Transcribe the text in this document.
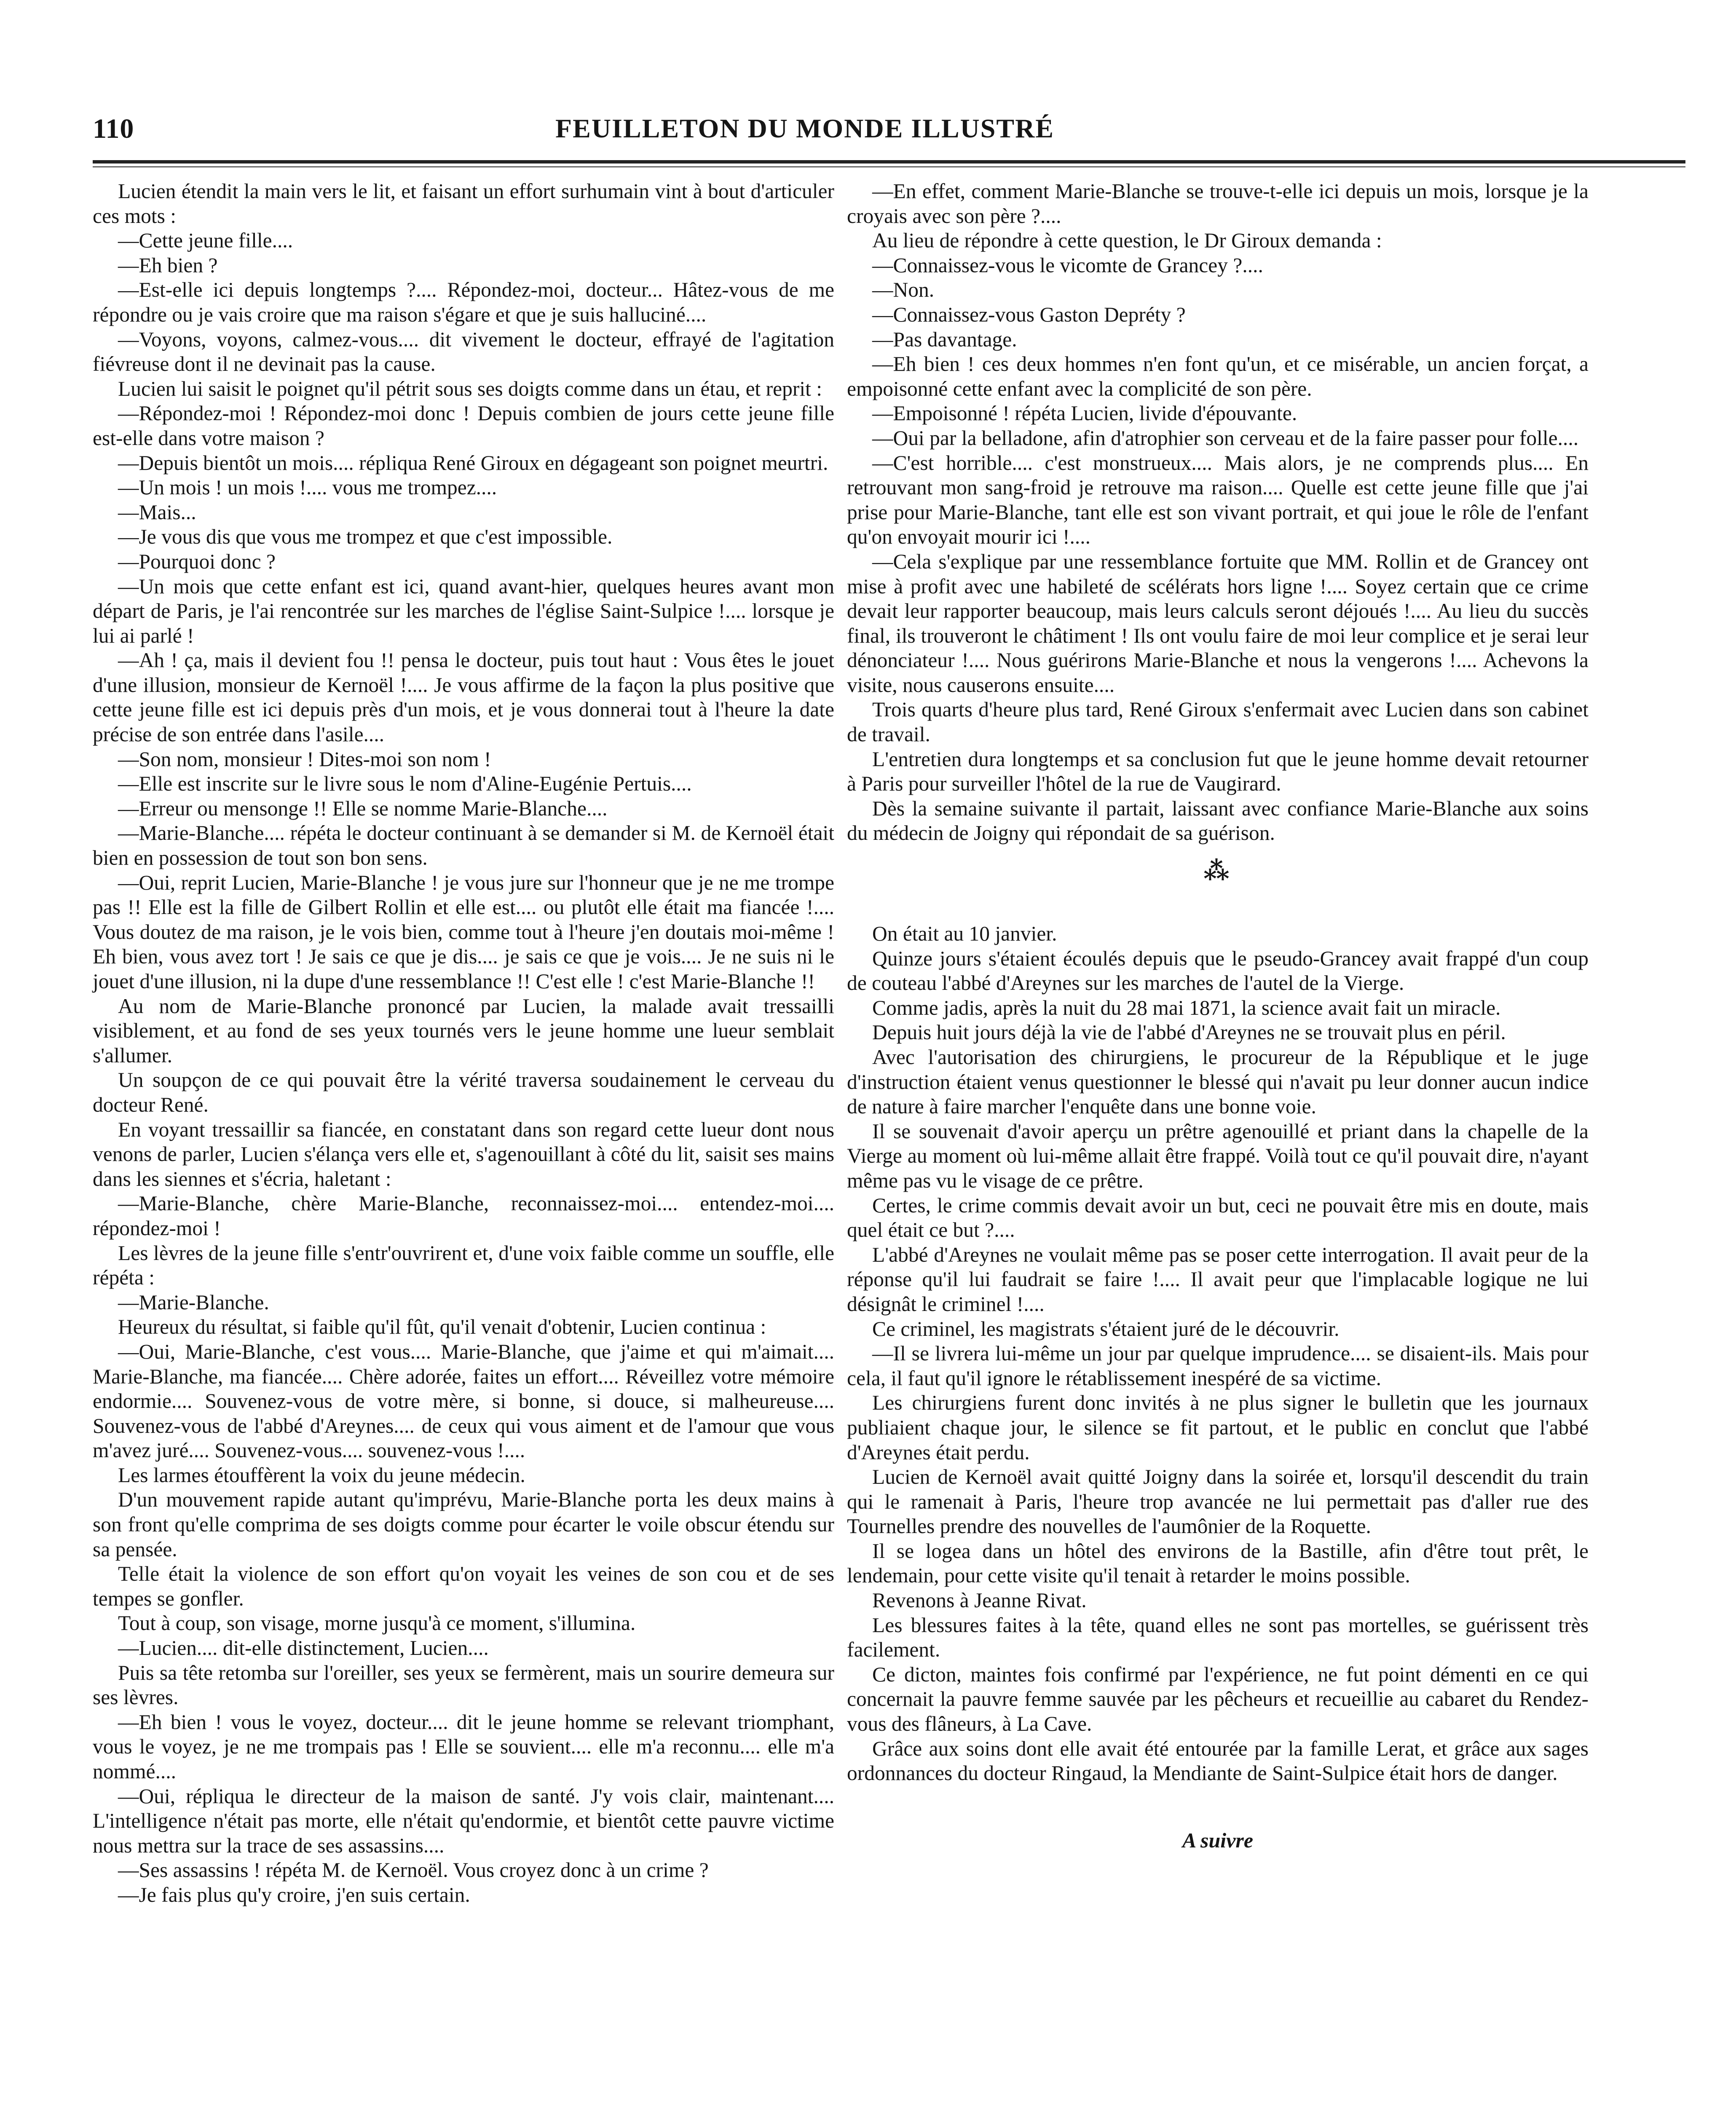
110	FEUILLETON DU MONDE ILLUSTRÉ

Lucien étendit la main vers le lit, et faisant un effort surhumain vint à bout d'articuler ces mots :

—Cette jeune fille....

—Eh bien ?

—Est-elle ici depuis longtemps ?.... Répondez-moi, docteur... Hâtez-vous de me répondre ou je vais croire que ma raison s'égare et que je suis halluciné....

—Voyons, voyons, calmez-vous.... dit vivement le docteur, effrayé de l'agitation fiévreuse dont il ne devinait pas la cause.

Lucien lui saisit le poignet qu'il pétrit sous ses doigts comme dans un étau, et reprit :

—Répondez-moi ! Répondez-moi donc ! Depuis combien de jours cette jeune fille est-elle dans votre maison ?

—Depuis bientôt un mois.... répliqua René Giroux en dégageant son poignet meurtri.

—Un mois ! un mois !.... vous me trompez....

—Mais...

—Je vous dis que vous me trompez et que c'est impossible.

—Pourquoi donc ?

—Un mois que cette enfant est ici, quand avant-hier, quelques heures avant mon départ de Paris, je l'ai rencontrée sur les marches de l'église Saint-Sulpice !.... lorsque je lui ai parlé !

—Ah ! ça, mais il devient fou !! pensa le docteur, puis tout haut : Vous êtes le jouet d'une illusion, monsieur de Kernoël !.... Je vous affirme de la façon la plus positive que cette jeune fille est ici depuis près d'un mois, et je vous donnerai tout à l'heure la date précise de son entrée dans l'asile....

—Son nom, monsieur ! Dites-moi son nom !

—Elle est inscrite sur le livre sous le nom d'Aline-Eugénie Pertuis....

—Erreur ou mensonge !! Elle se nomme Marie-Blanche....

—Marie-Blanche.... répéta le docteur continuant à se demander si M. de Kernoël était bien en possession de tout son bon sens.

—Oui, reprit Lucien, Marie-Blanche ! je vous jure sur l'honneur que je ne me trompe pas !! Elle est la fille de Gilbert Rollin et elle est.... ou plutôt elle était ma fiancée !.... Vous doutez de ma raison, je le vois bien, comme tout à l'heure j'en doutais moi-même ! Eh bien, vous avez tort ! Je sais ce que je dis.... je sais ce que je vois.... Je ne suis ni le jouet d'une illusion, ni la dupe d'une ressemblance !! C'est elle ! c'est Marie-Blanche !!

Au nom de Marie-Blanche prononcé par Lucien, la malade avait tressailli visiblement, et au fond de ses yeux tournés vers le jeune homme une lueur semblait s'allumer.

Un soupçon de ce qui pouvait être la vérité traversa soudainement le cerveau du docteur René.

En voyant tressaillir sa fiancée, en constatant dans son regard cette lueur dont nous venons de parler, Lucien s'élança vers elle et, s'agenouillant à côté du lit, saisit ses mains dans les siennes et s'écria, haletant :

—Marie-Blanche, chère Marie-Blanche, reconnaissez-moi.... entendez-moi.... répondez-moi !

Les lèvres de la jeune fille s'entr'ouvrirent et, d'une voix faible comme un souffle, elle répéta :

—Marie-Blanche.

Heureux du résultat, si faible qu'il fût, qu'il venait d'obtenir, Lucien continua :

—Oui, Marie-Blanche, c'est vous.... Marie-Blanche, que j'aime et qui m'aimait.... Marie-Blanche, ma fiancée.... Chère adorée, faites un effort.... Réveillez votre mémoire endormie.... Souvenez-vous de votre mère, si bonne, si douce, si malheureuse.... Souvenez-vous de l'abbé d'Areynes.... de ceux qui vous aiment et de l'amour que vous m'avez juré.... Souvenez-vous.... souvenez-vous !....

Les larmes étouffèrent la voix du jeune médecin.

D'un mouvement rapide autant qu'imprévu, Marie-Blanche porta les deux mains à son front qu'elle comprima de ses doigts comme pour écarter le voile obscur étendu sur sa pensée.

Telle était la violence de son effort qu'on voyait les veines de son cou et de ses tempes se gonfler.

Tout à coup, son visage, morne jusqu'à ce moment, s'illumina.

—Lucien.... dit-elle distinctement, Lucien....

Puis sa tête retomba sur l'oreiller, ses yeux se fermèrent, mais un sourire demeura sur ses lèvres.

—Eh bien ! vous le voyez, docteur.... dit le jeune homme se relevant triomphant, vous le voyez, je ne me trompais pas ! Elle se souvient.... elle m'a reconnu.... elle m'a nommé....

—Oui, répliqua le directeur de la maison de santé. J'y vois clair, maintenant.... L'intelligence n'était pas morte, elle n'était qu'endormie, et bientôt cette pauvre victime nous mettra sur la trace de ses assassins....

—Ses assassins ! répéta M. de Kernoël. Vous croyez donc à un crime ?

—Je fais plus qu'y croire, j'en suis certain.

—En effet, comment Marie-Blanche se trouve-t-elle ici depuis un mois, lorsque je la croyais avec son père ?....

Au lieu de répondre à cette question, le Dr Giroux demanda :

—Connaissez-vous le vicomte de Grancey ?....

—Non.

—Connaissez-vous Gaston Depréty ?

—Pas davantage.

—Eh bien ! ces deux hommes n'en font qu'un, et ce misérable, un ancien forçat, a empoisonné cette enfant avec la complicité de son père.

—Empoisonné ! répéta Lucien, livide d'épouvante.

—Oui par la belladone, afin d'atrophier son cerveau et de la faire passer pour folle....

—C'est horrible.... c'est monstrueux.... Mais alors, je ne comprends plus.... En retrouvant mon sang-froid je retrouve ma raison.... Quelle est cette jeune fille que j'ai prise pour Marie-Blanche, tant elle est son vivant portrait, et qui joue le rôle de l'enfant qu'on envoyait mourir ici !....

—Cela s'explique par une ressemblance fortuite que MM. Rollin et de Grancey ont mise à profit avec une habileté de scélérats hors ligne !.... Soyez certain que ce crime devait leur rapporter beaucoup, mais leurs calculs seront déjoués !.... Au lieu du succès final, ils trouveront le châtiment ! Ils ont voulu faire de moi leur complice et je serai leur dénonciateur !.... Nous guérirons Marie-Blanche et nous la vengerons !.... Achevons la visite, nous causerons ensuite....

Trois quarts d'heure plus tard, René Giroux s'enfermait avec Lucien dans son cabinet de travail.

L'entretien dura longtemps et sa conclusion fut que le jeune homme devait retourner à Paris pour surveiller l'hôtel de la rue de Vaugirard.

Dès la semaine suivante il partait, laissant avec confiance Marie-Blanche aux soins du médecin de Joigny qui répondait de sa guérison.

⁂

On était au 10 janvier.

Quinze jours s'étaient écoulés depuis que le pseudo-Grancey avait frappé d'un coup de couteau l'abbé d'Areynes sur les marches de l'autel de la Vierge.

Comme jadis, après la nuit du 28 mai 1871, la science avait fait un miracle.

Depuis huit jours déjà la vie de l'abbé d'Areynes ne se trouvait plus en péril.

Avec l'autorisation des chirurgiens, le procureur de la République et le juge d'instruction étaient venus questionner le blessé qui n'avait pu leur donner aucun indice de nature à faire marcher l'enquête dans une bonne voie.

Il se souvenait d'avoir aperçu un prêtre agenouillé et priant dans la chapelle de la Vierge au moment où lui-même allait être frappé. Voilà tout ce qu'il pouvait dire, n'ayant même pas vu le visage de ce prêtre.

Certes, le crime commis devait avoir un but, ceci ne pouvait être mis en doute, mais quel était ce but ?....

L'abbé d'Areynes ne voulait même pas se poser cette interrogation. Il avait peur de la réponse qu'il lui faudrait se faire !.... Il avait peur que l'implacable logique ne lui désignât le criminel !....

Ce criminel, les magistrats s'étaient juré de le découvrir.

—Il se livrera lui-même un jour par quelque imprudence.... se disaient-ils. Mais pour cela, il faut qu'il ignore le rétablissement inespéré de sa victime.

Les chirurgiens furent donc invités à ne plus signer le bulletin que les journaux publiaient chaque jour, le silence se fit partout, et le public en conclut que l'abbé d'Areynes était perdu.

Lucien de Kernoël avait quitté Joigny dans la soirée et, lorsqu'il descendit du train qui le ramenait à Paris, l'heure trop avancée ne lui permettait pas d'aller rue des Tournelles prendre des nouvelles de l'aumônier de la Roquette.

Il se logea dans un hôtel des environs de la Bastille, afin d'être tout prêt, le lendemain, pour cette visite qu'il tenait à retarder le moins possible.

Revenons à Jeanne Rivat.

Les blessures faites à la tête, quand elles ne sont pas mortelles, se guérissent très facilement.

Ce dicton, maintes fois confirmé par l'expérience, ne fut point démenti en ce qui concernait la pauvre femme sauvée par les pêcheurs et recueillie au cabaret du Rendez-vous des flâneurs, à La Cave.

Grâce aux soins dont elle avait été entourée par la famille Lerat, et grâce aux sages ordonnances du docteur Ringaud, la Mendiante de Saint-Sulpice était hors de danger.

A suivre
